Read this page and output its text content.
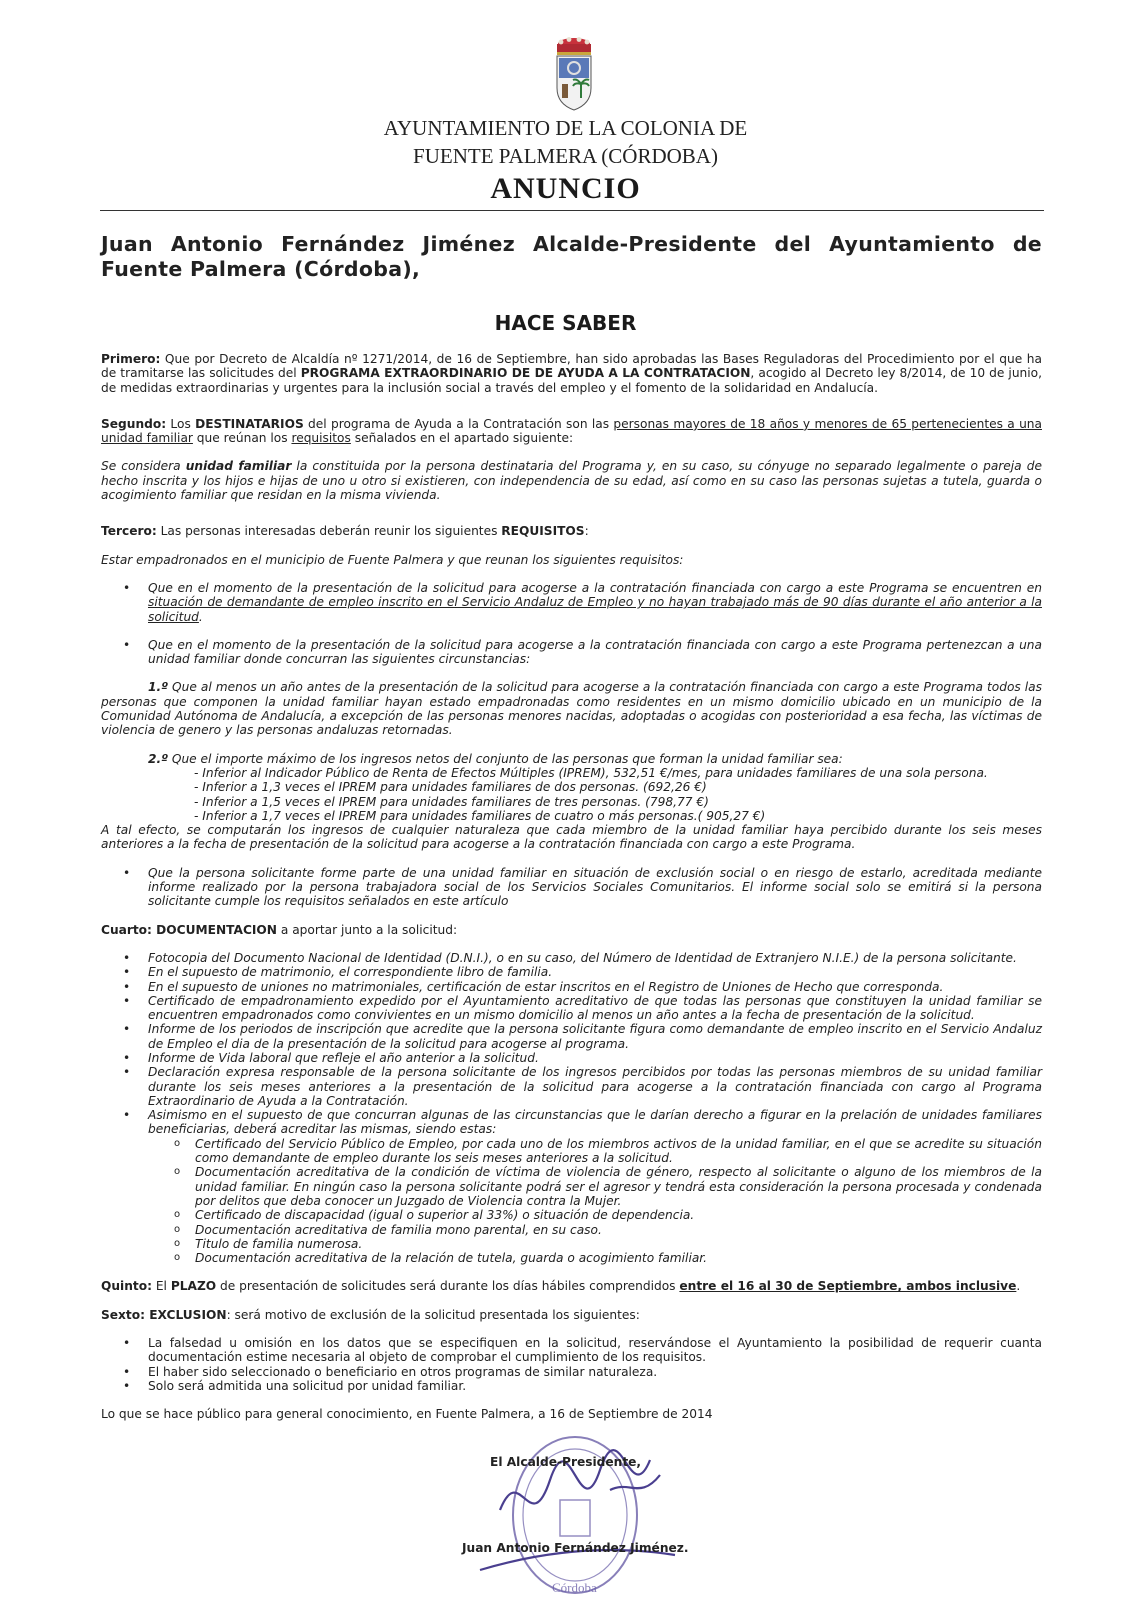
AYUNTAMIENTO DE LA COLONIA DE
FUENTE PALMERA (CÓRDOBA)
ANUNCIO
Juan Antonio Fernández Jiménez Alcalde-Presidente del Ayuntamiento de Fuente Palmera (Córdoba),
HACE SABER

Primero: Que por Decreto de Alcaldía nº 1271/2014, de 16 de Septiembre, han sido aprobadas las Bases Reguladoras del Procedimiento por el que ha de tramitarse las solicitudes del PROGRAMA EXTRAORDINARIO DE DE AYUDA A LA CONTRATACION, acogido al Decreto ley 8/2014, de 10 de junio, de medidas extraordinarias y urgentes para la inclusión social a través del empleo y el fomento de la solidaridad en Andalucía.

Segundo: Los DESTINATARIOS del programa de Ayuda a la Contratación son las personas mayores de 18 años y menores de 65 pertenecientes a una unidad familiar que reúnan los requisitos señalados en el apartado siguiente:

Se considera unidad familiar la constituida por la persona destinataria del Programa y, en su caso, su cónyuge no separado legalmente o pareja de hecho inscrita y los hijos e hijas de uno u otro si existieren, con independencia de su edad, así como en su caso las personas sujetas a tutela, guarda o acogimiento familiar que residan en la misma vivienda.

Tercero: Las personas interesadas deberán reunir los siguientes REQUISITOS:

Estar empadronados en el municipio de Fuente Palmera y que reunan los siguientes requisitos:

• Que en el momento de la presentación de la solicitud para acogerse a la contratación financiada con cargo a este Programa se encuentren en situación de demandante de empleo inscrito en el Servicio Andaluz de Empleo y no hayan trabajado más de 90 días durante el año anterior a la solicitud.
• Que en el momento de la presentación de la solicitud para acogerse a la contratación financiada con cargo a este Programa pertenezcan a una unidad familiar donde concurran las siguientes circunstancias:

1.º Que al menos un año antes de la presentación de la solicitud para acogerse a la contratación financiada con cargo a este Programa todos las personas que componen la unidad familiar hayan estado empadronadas como residentes en un mismo domicilio ubicado en un municipio de la Comunidad Autónoma de Andalucía, a excepción de las personas menores nacidas, adoptadas o acogidas con posterioridad a esa fecha, las víctimas de violencia de genero y las personas andaluzas retornadas.

2.º Que el importe máximo de los ingresos netos del conjunto de las personas que forman la unidad familiar sea:

- Inferior al Indicador Público de Renta de Efectos Múltiples (IPREM), 532,51 €/mes, para unidades familiares de una sola persona.
- Inferior a 1,3 veces el IPREM para unidades familiares de dos personas. (692,26 €)
- Inferior a 1,5 veces el IPREM para unidades familiares de tres personas. (798,77 €)
- Inferior a 1,7 veces el IPREM para unidades familiares de cuatro o más personas.( 905,27 €)

A tal efecto, se computarán los ingresos de cualquier naturaleza que cada miembro de la unidad familiar haya percibido durante los seis meses anteriores a la fecha de presentación de la solicitud para acogerse a la contratación financiada con cargo a este Programa.

• Que la persona solicitante forme parte de una unidad familiar en situación de exclusión social o en riesgo de estarlo, acreditada mediante informe realizado por la persona trabajadora social de los Servicios Sociales Comunitarios. El informe social solo se emitirá si la persona solicitante cumple los requisitos señalados en este artículo

Cuarto: DOCUMENTACION a aportar junto a la solicitud:

• Fotocopia del Documento Nacional de Identidad (D.N.I.), o en su caso, del Número de Identidad de Extranjero N.I.E.) de la persona solicitante.
• En el supuesto de matrimonio, el correspondiente libro de familia.
• En el supuesto de uniones no matrimoniales, certificación de estar inscritos en el Registro de Uniones de Hecho que corresponda.
• Certificado de empadronamiento expedido por el Ayuntamiento acreditativo de que todas las personas que constituyen la unidad familiar se encuentren empadronados como convivientes en un mismo domicilio al menos un año antes a la fecha de presentación de la solicitud.
• Informe de los periodos de inscripción que acredite que la persona solicitante figura como demandante de empleo inscrito en el Servicio Andaluz de Empleo el dia de la presentación de la solicitud para acogerse al programa.
• Informe de Vida laboral que refleje el año anterior a la solicitud.
• Declaración expresa responsable de la persona solicitante de los ingresos percibidos por todas las personas miembros de su unidad familiar durante los seis meses anteriores a la presentación de la solicitud para acogerse a la contratación financiada con cargo al Programa Extraordinario de Ayuda a la Contratación.
• Asimismo en el supuesto de que concurran algunas de las circunstancias que le darían derecho a figurar en la prelación de unidades familiares beneficiarias, deberá acreditar las mismas, siendo estas:
o Certificado del Servicio Público de Empleo, por cada uno de los miembros activos de la unidad familiar, en el que se acredite su situación como demandante de empleo durante los seis meses anteriores a la solicitud.
o Documentación acreditativa de la condición de víctima de violencia de género, respecto al solicitante o alguno de los miembros de la unidad familiar. En ningún caso la persona solicitante podrá ser el agresor y tendrá esta consideración la persona procesada y condenada por delitos que deba conocer un Juzgado de Violencia contra la Mujer.
o Certificado de discapacidad (igual o superior al 33%) o situación de dependencia.
o Documentación acreditativa de familia mono parental, en su caso.
o Titulo de familia numerosa.
o Documentación acreditativa de la relación de tutela, guarda o acogimiento familiar.

Quinto: El PLAZO de presentación de solicitudes será durante los días hábiles comprendidos entre el 16 al 30 de Septiembre, ambos inclusive.

Sexto: EXCLUSION: será motivo de exclusión de la solicitud presentada los siguientes:

• La falsedad u omisión en los datos que se especifiquen en la solicitud, reservándose el Ayuntamiento la posibilidad de requerir cuanta documentación estime necesaria al objeto de comprobar el cumplimiento de los requisitos.
• El haber sido seleccionado o beneficiario en otros programas de similar naturaleza.
• Solo será admitida una solicitud por unidad familiar.

Lo que se hace público para general conocimiento, en Fuente Palmera, a 16 de Septiembre de 2014

Córdoba
El Alcalde-Presidente,
Juan Antonio Fernández Jiménez.
